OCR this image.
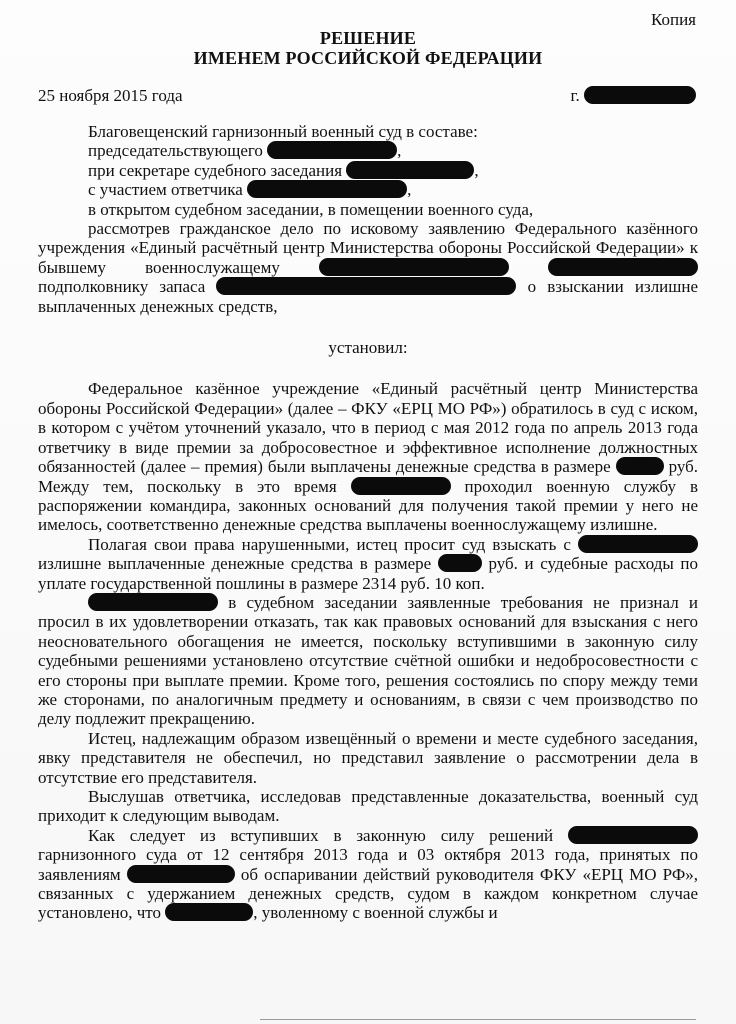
Копия
РЕШЕНИЕ
ИМЕНЕМ РОССИЙСКОЙ ФЕДЕРАЦИИ
25 ноября 2015 года	г.

Благовещенский гарнизонный военный суд в составе:

председательствующего	,

при секретаре судебного заседания	,

с участием ответчика	,

в открытом судебном заседании, в помещении военного суда,

рассмотрев гражданское дело по исковому заявлению Федерального казённого учреждения «Единый расчётный центр Министерства обороны Российской Федерации» к бывшему военнослужащему   подполковнику запаса	о взыскании излишне выплаченных денежных средств,

установил:

Федеральное казённое учреждение «Единый расчётный центр Министерства обороны Российской Федерации» (далее – ФКУ «ЕРЦ МО РФ») обратилось в суд с иском, в котором с учётом уточнений указало, что в период с мая 2012 года по апрель 2013 года ответчику в виде премии за добросовестное и эффективное исполнение должностных обязанностей (далее – премия) были выплачены денежные средства в размере	руб. Между тем, поскольку в это время	проходил военную службу в распоряжении командира, законных оснований для получения такой премии у него не имелось, соответственно денежные средства выплачены военнослужащему излишне.

Полагая свои права нарушенными, истец просит суд взыскать с  излишне выплаченные денежные средства в размере	руб. и судебные расходы по уплате государственной пошлины в размере 2314 руб. 10 коп.

в судебном заседании заявленные требования не признал и просил в их удовлетворении отказать, так как правовых оснований для взыскания с него неосновательного обогащения не имеется, поскольку вступившими в законную силу судебными решениями установлено отсутствие счётной ошибки и недобросовестности с его стороны при выплате премии. Кроме того, решения состоялись по спору между теми же сторонами, по аналогичным предмету и основаниям, в связи с чем производство по делу подлежит прекращению.

Истец, надлежащим образом извещённый о времени и месте судебного заседания, явку представителя не обеспечил, но представил заявление о рассмотрении дела в отсутствие его представителя.

Выслушав ответчика, исследовав представленные доказательства, военный суд приходит к следующим выводам.

Как следует из вступивших в законную силу решений  гарнизонного суда от 12 сентября 2013 года и 03 октября 2013 года, принятых по заявлениям	об оспаривании действий руководителя ФКУ «ЕРЦ МО РФ», связанных с удержанием денежных средств, судом в каждом конкретном случае установлено, что	, уволенному с военной службы и
